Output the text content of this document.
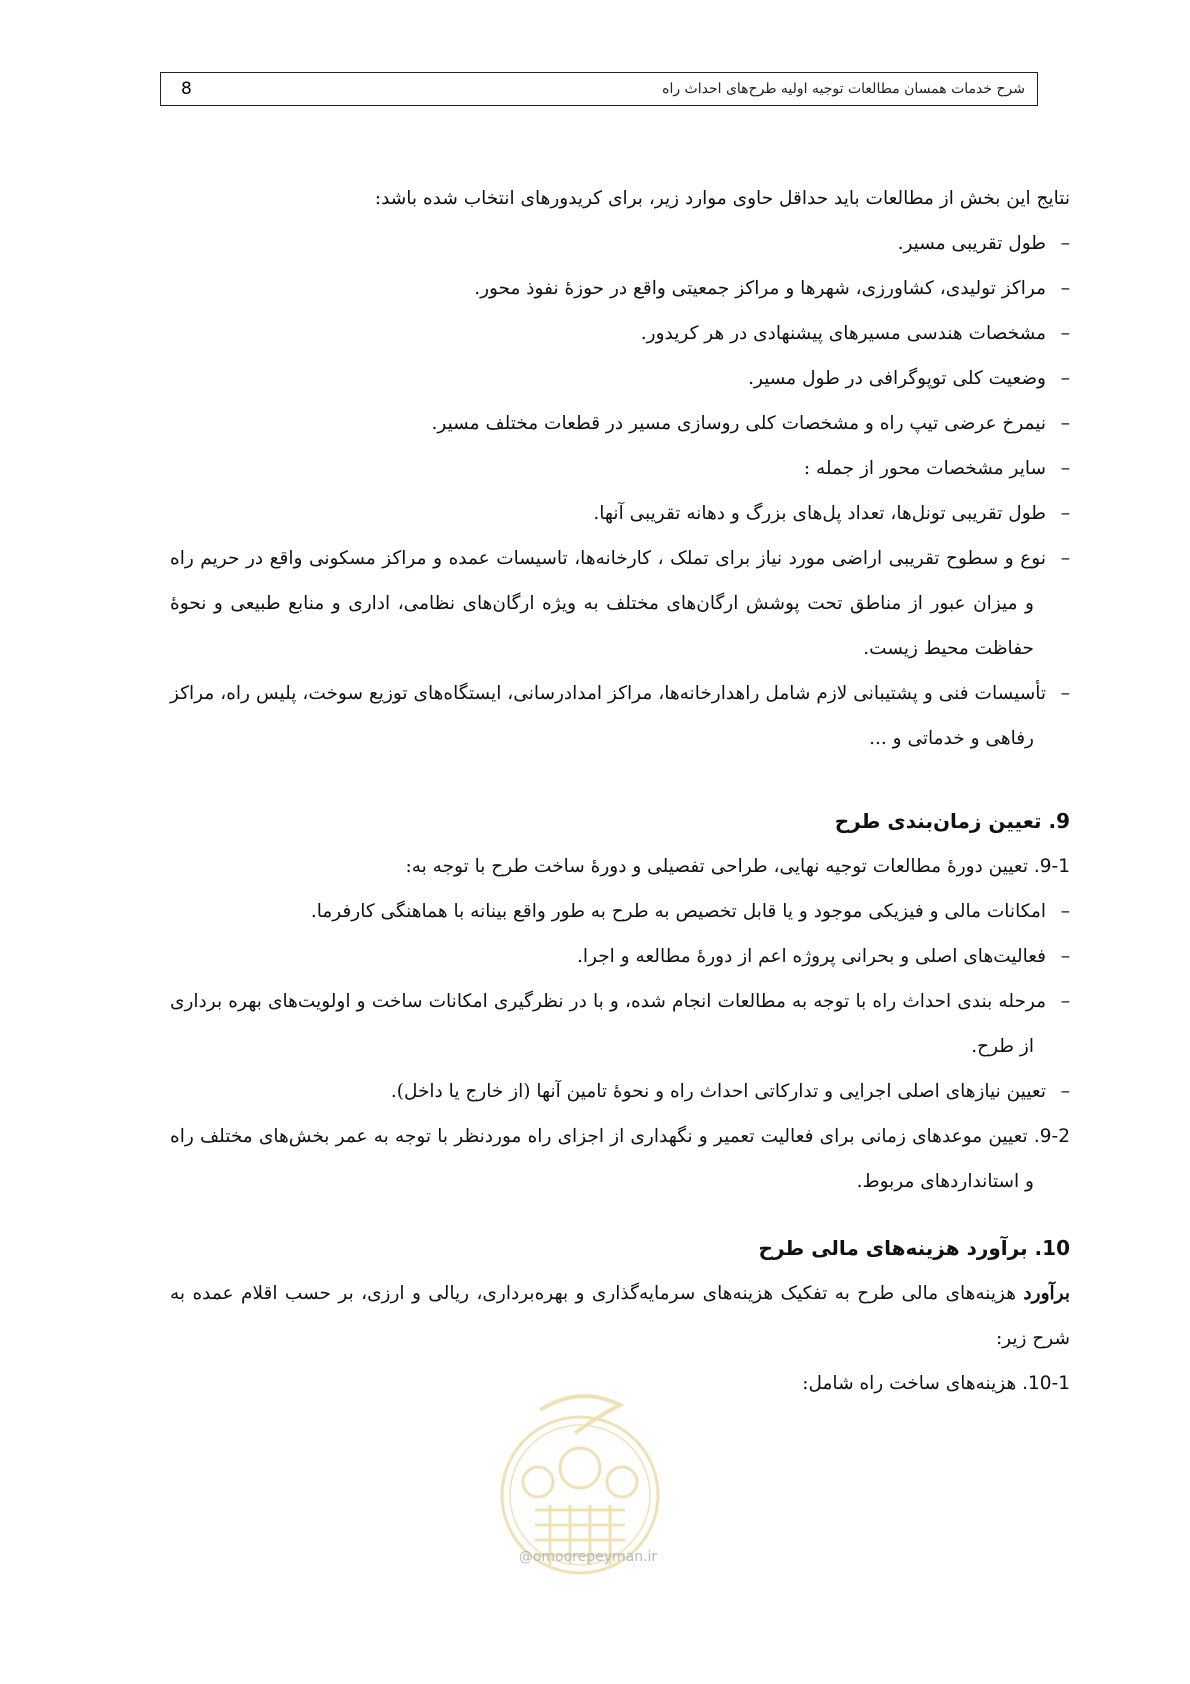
شرح خدمات همسان مطالعات توجیه اولیه طرح‌های احداث راه
8

نتایج این بخش از مطالعات باید حداقل حاوی موارد زیر، برای کریدورهای انتخاب شده باشد:

–طول تقریبی مسیر.

–مراکز تولیدی، کشاورزی، شهرها و مراکز جمعیتی واقع در حوزهٔ نفوذ محور.

–مشخصات هندسی مسیرهای پیشنهادی در هر کریدور.

–وضعیت کلی توپوگرافی در طول مسیر.

–نیمرخ عرضی تیپ راه و مشخصات کلی روسازی مسیر در قطعات مختلف مسیر.

–سایر مشخصات محور از جمله :

–طول تقریبی تونل‌ها، تعداد پل‌های بزرگ و دهانه تقریبی آنها.

–نوع و سطوح تقریبی اراضی مورد نیاز برای تملک ، کارخانه‌ها، تاسیسات عمده و مراکز مسکونی واقع در حریم راه و میزان عبور از مناطق تحت پوشش ارگان‌های مختلف به ویژه ارگان‌های نظامی، اداری و منابع طبیعی و نحوهٔ حفاظت محیط زیست.

–تأسیسات فنی و پشتیبانی لازم شامل راهدارخانه‌ها، مراکز امدادرسانی، ایستگاه‌های توزیع سوخت، پلیس راه، مراکز رفاهی و خدماتی و ...

9. تعیین زمان‌بندی طرح

9-1. تعیین دورهٔ مطالعات توجیه نهایی، طراحی تفصیلی و دورهٔ ساخت طرح با توجه به:

–امکانات مالی و فیزیکی موجود و یا قابل تخصیص به طرح به طور واقع بینانه با هماهنگی کارفرما.

–فعالیت‌های اصلی و بحرانی پروژه اعم از دورهٔ مطالعه و اجرا.

–مرحله بندی احداث راه با توجه به مطالعات انجام شده، و با در نظرگیری امکانات ساخت و اولویت‌های بهره برداری از طرح.

–تعیین نیازهای اصلی اجرایی و تدارکاتی احداث راه و نحوهٔ تامین آنها (از خارج یا داخل).

9-2. تعیین موعدهای زمانی برای فعالیت تعمیر و نگهداری از اجزای راه موردنظر با توجه به عمر بخش‌های مختلف راه و استانداردهای مربوط.

10. برآورد هزینه‌های مالی طرح

برآورد هزینه‌های مالی طرح به تفکیک هزینه‌های سرمایه‌گذاری و بهره‌برداری، ریالی و ارزی، بر حسب اقلام عمده به شرح زیر:

10-1. هزینه‌های ساخت راه شامل:

@omoorepeyman.ir
